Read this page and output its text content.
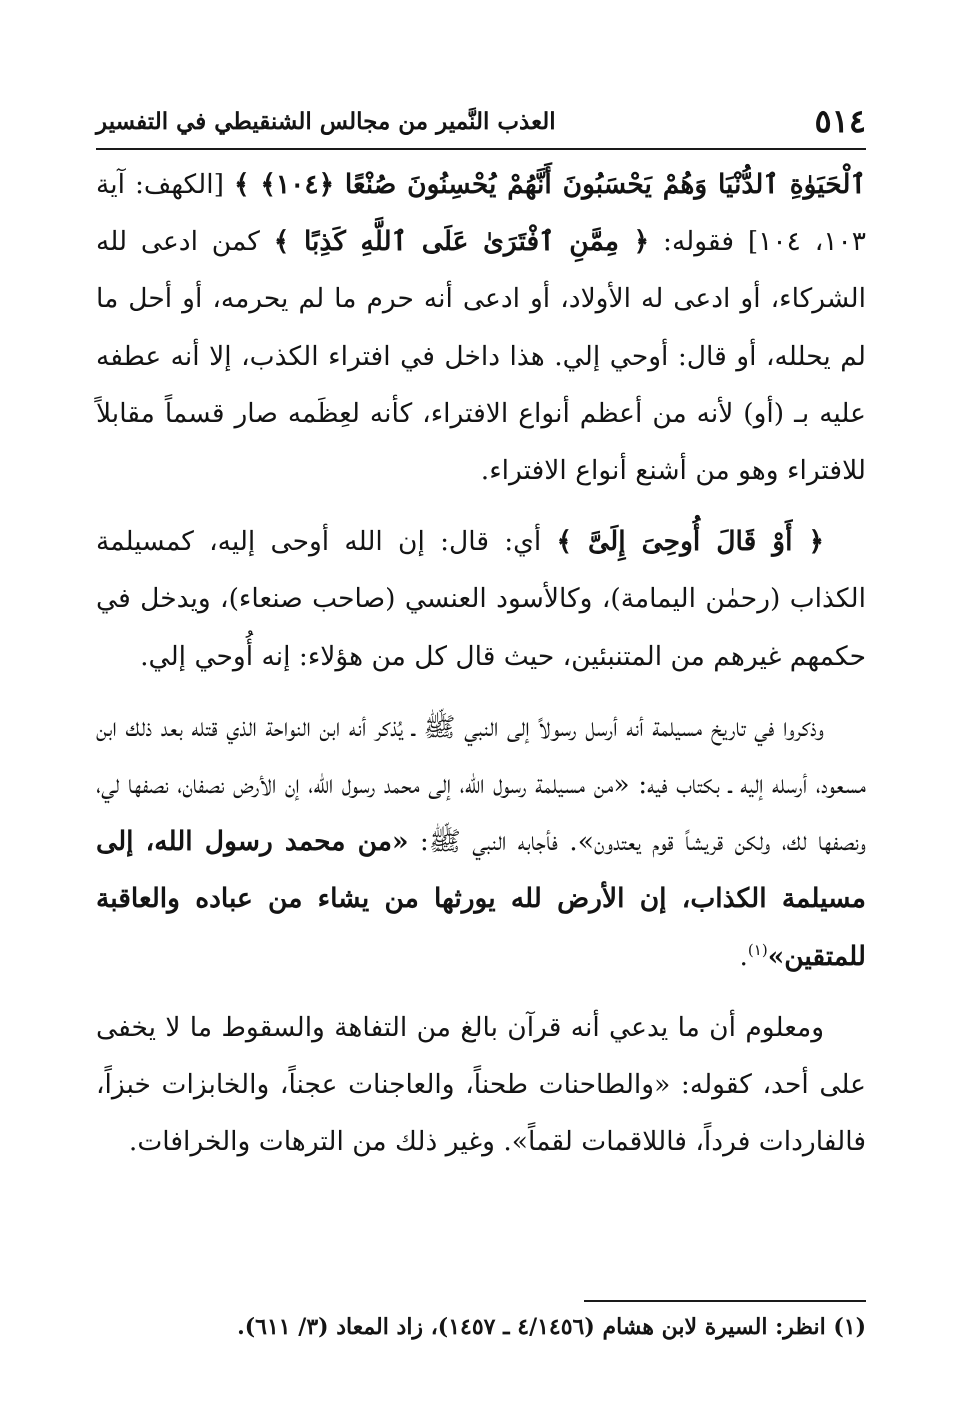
٥١٤
العذب النَّمير من مجالس الشنقيطي في التفسير

ٱلْحَيَوٰةِ ٱلدُّنْيَا وَهُمْ يَحْسَبُونَ أَنَّهُمْ يُحْسِنُونَ صُنْعًا ﴿١٠٤﴾ ﴾ [الكهف: آية ١٠٣، ١٠٤] فقوله: ﴿ مِمَّنِ ٱفْتَرَىٰ عَلَى ٱللَّهِ كَذِبًا ﴾ كمن ادعى لله الشركاء، أو ادعى له الأولاد، أو ادعى أنه حرم ما لم يحرمه، أو أحل ما لم يحلله، أو قال: أوحي إلي. هذا داخل في افتراء الكذب، إلا أنه عطفه عليه بـ (أو) لأنه من أعظم أنواع الافتراء، كأنه لعِظَمه صار قسماً مقابلاً للافتراء وهو من أشنع أنواع الافتراء.

﴿ أَوْ قَالَ أُوحِىَ إِلَىَّ ﴾ أي: قال: إن الله أوحى إليه، كمسيلمة الكذاب (رحمٰن اليمامة)، وكالأسود العنسي (صاحب صنعاء)، ويدخل في حكمهم غيرهم من المتنبئين، حيث قال كل من هؤلاء: إنه أُوحي إلي.

وذكروا في تاريخ مسيلمة أنه أرسل رسولاً إلى النبي ﷺ ـ يُذكر أنه ابن النواحة الذي قتله بعد ذلك ابن مسعود، أرسله إليه ـ بكتاب فيه: «من مسيلمة رسول الله، إلى محمد رسول الله، إن الأرض نصفان، نصفها لي، ونصفها لك، ولكن قريشاً قوم يعتدون». فأجابه النبي ﷺ: «من محمد رسول الله، إلى مسيلمة الكذاب، إن الأرض لله يورثها من يشاء من عباده والعاقبة للمتقين»$^{(١)}$.

ومعلوم أن ما يدعي أنه قرآن بالغ من التفاهة والسقوط ما لا يخفى على أحد، كقوله: «والطاحنات طحناً، والعاجنات عجناً، والخابزات خبزاً، فالفاردات فرداً، فاللاقمات لقماً». وغير ذلك من الترهات والخرافات.

(١) انظر: السيرة لابن هشام (٤/١٤٥٦ ـ ١٤٥٧)، زاد المعاد (٣/ ٦١١).
